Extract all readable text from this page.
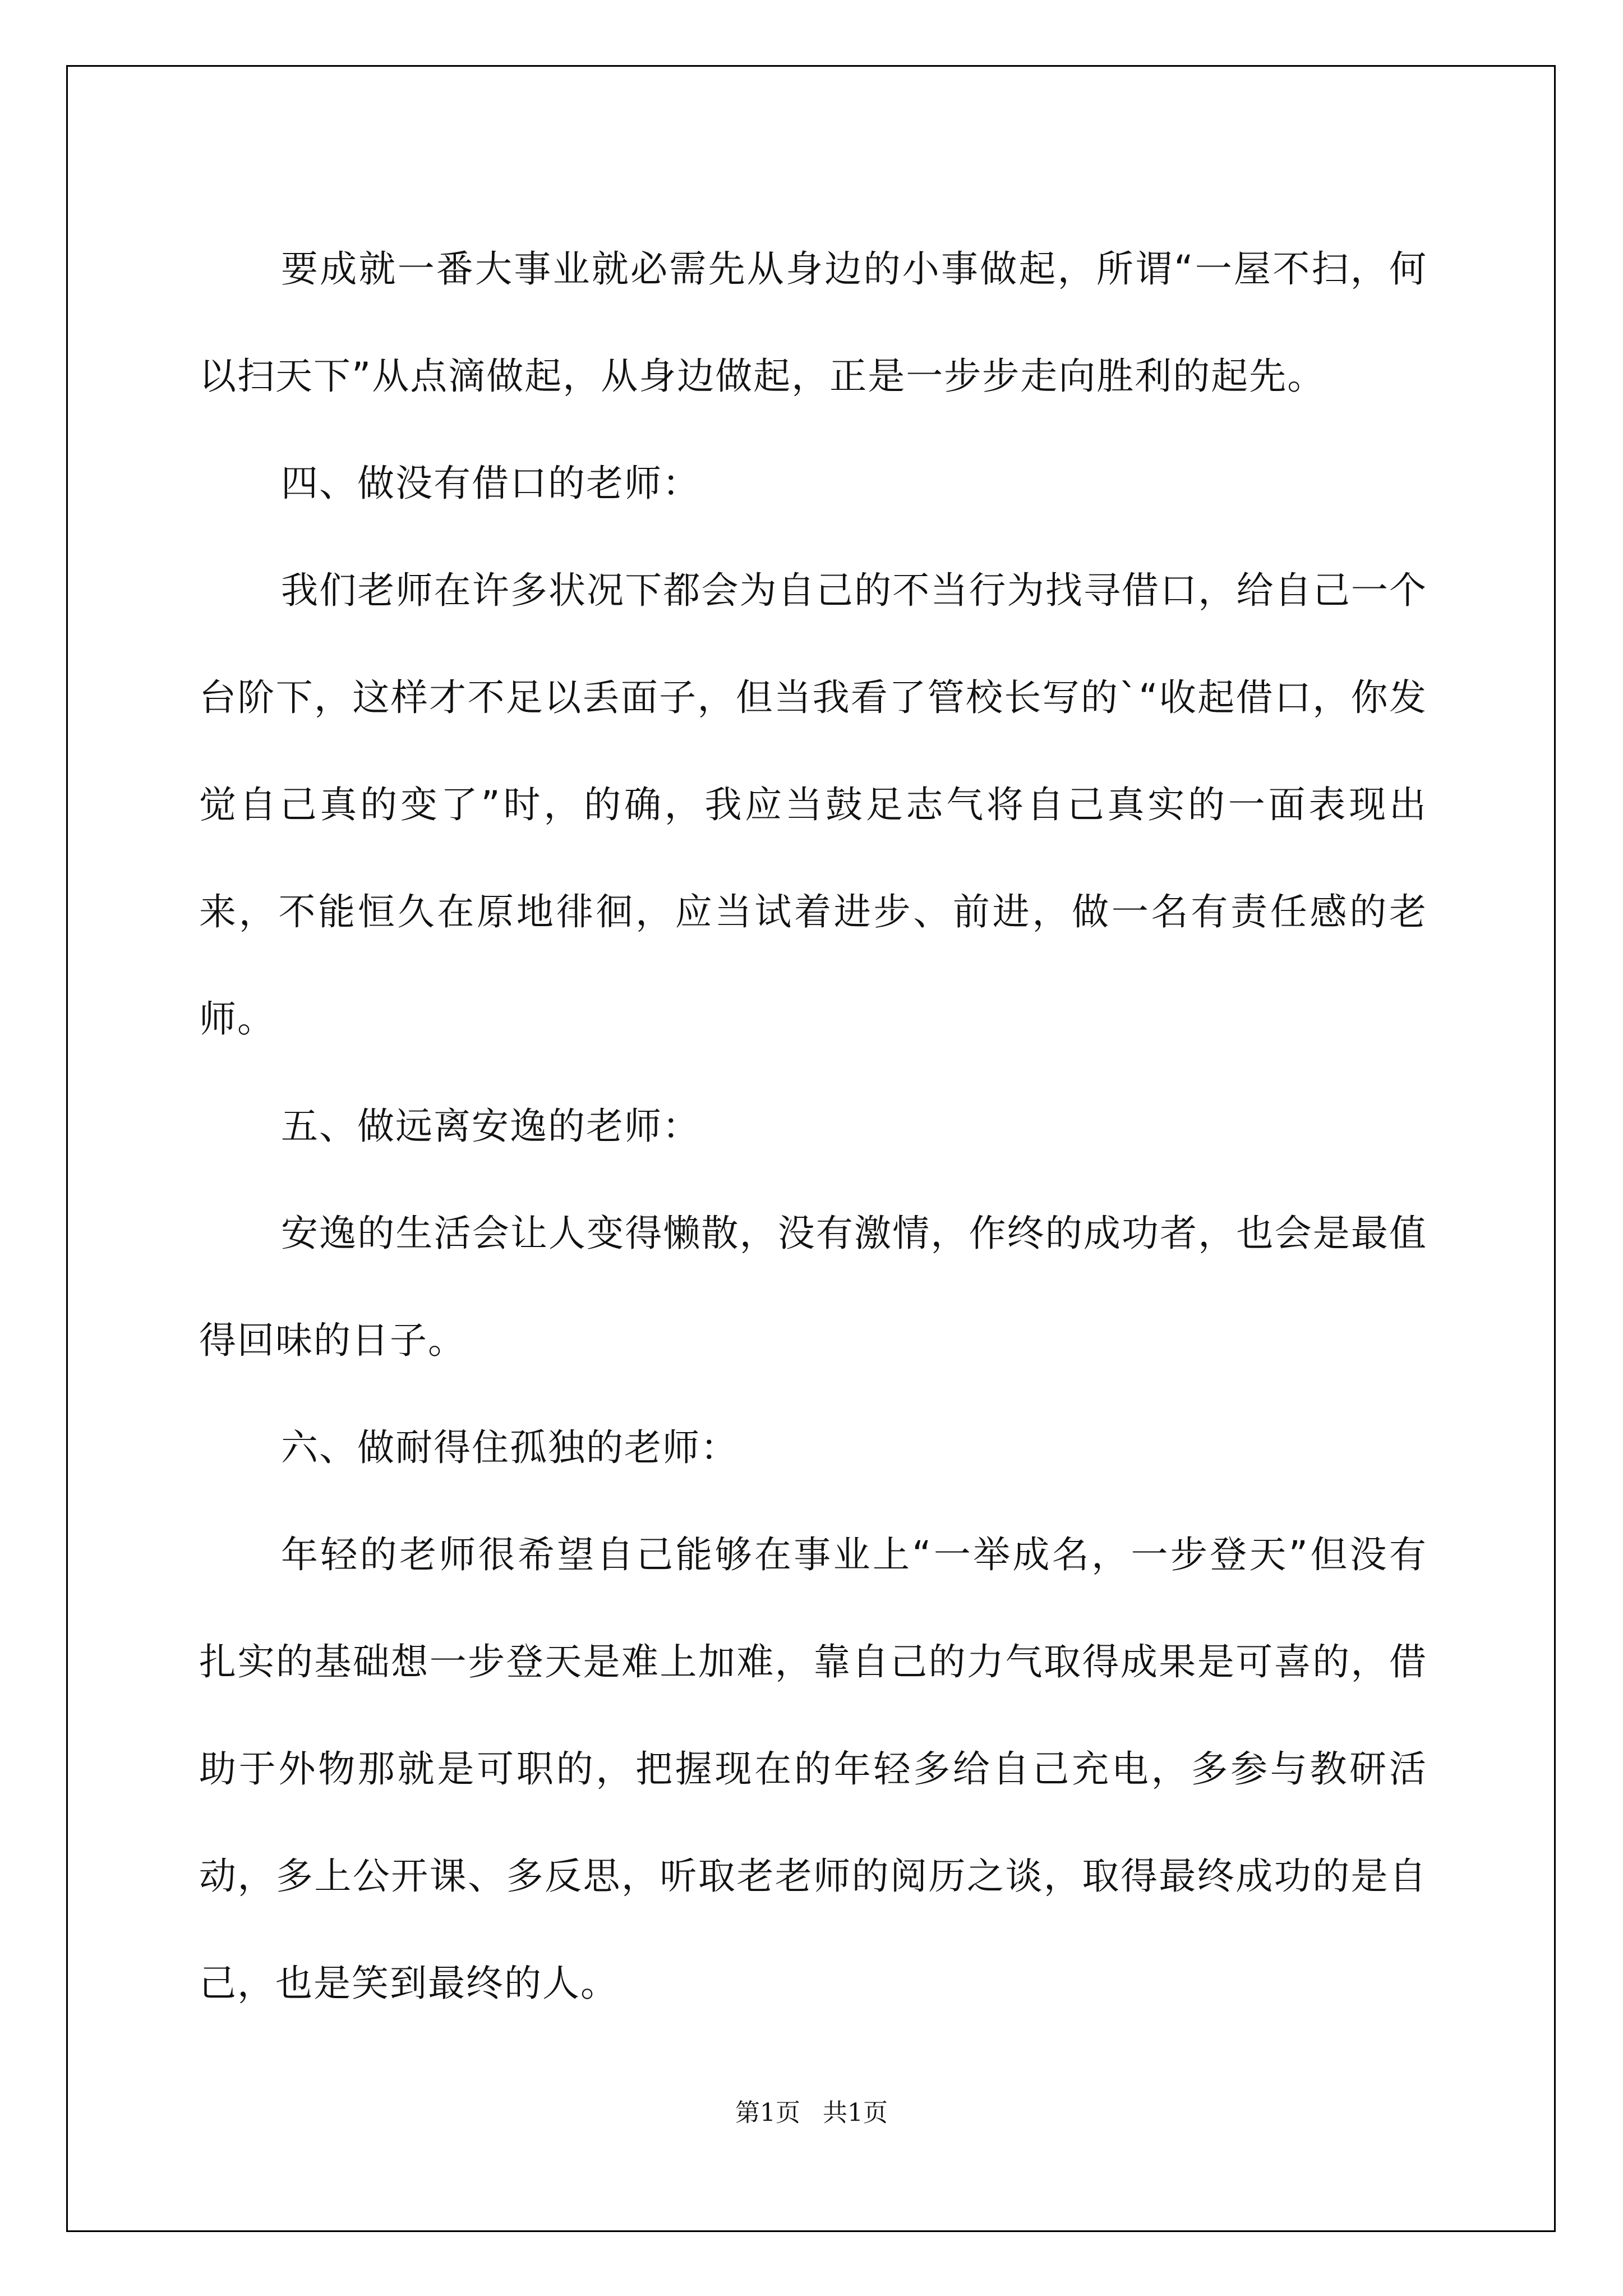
要成就一番大事业就必需先从身边的小事做起，所谓“一屋不扫，何以扫天下”从点滴做起，从身边做起，正是一步步走向胜利的起先。

四、做没有借口的老师：

我们老师在许多状况下都会为自己的不当行为找寻借口，给自己一个台阶下，这样才不足以丢面子，但当我看了管校长写的`“收起借口，你发觉自己真的变了”时，的确，我应当鼓足志气将自己真实的一面表现出来，不能恒久在原地徘徊，应当试着进步、前进，做一名有责任感的老师。

五、做远离安逸的老师：

安逸的生活会让人变得懒散，没有激情，作终的成功者，也会是最值得回味的日子。

六、做耐得住孤独的老师：

年轻的老师很希望自己能够在事业上“一举成名，一步登天”但没有扎实的基础想一步登天是难上加难，靠自己的力气取得成果是可喜的，借助于外物那就是可职的，把握现在的年轻多给自己充电，多参与教研活动，多上公开课、多反思，听取老老师的阅历之谈，取得最终成功的是自己，也是笑到最终的人。

第1页 共1页
